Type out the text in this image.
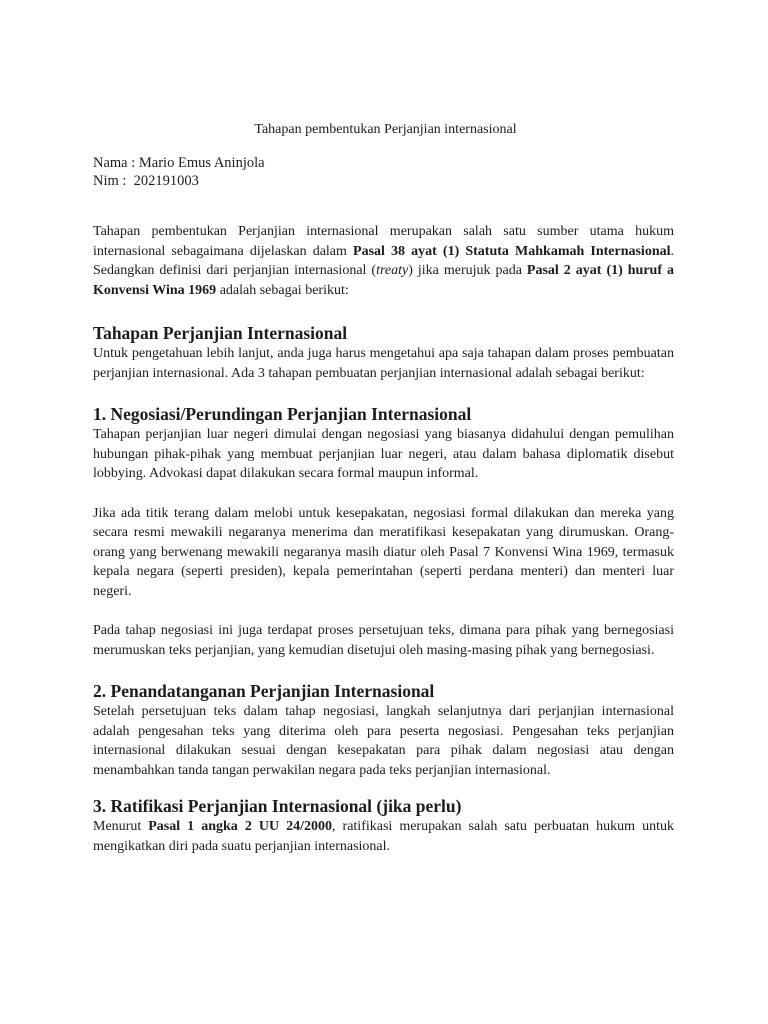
Tahapan pembentukan Perjanjian internasional

Nama : Mario Emus Aninjola

Nim :  202191003

Tahapan pembentukan Perjanjian internasional merupakan salah satu sumber utama hukum internasional sebagaimana dijelaskan dalam Pasal 38 ayat (1) Statuta Mahkamah Internasional. Sedangkan definisi dari perjanjian internasional (treaty) jika merujuk pada Pasal 2 ayat (1) huruf a Konvensi Wina 1969 adalah sebagai berikut:

Tahapan Perjanjian Internasional

Untuk pengetahuan lebih lanjut, anda juga harus mengetahui apa saja tahapan dalam proses pembuatan perjanjian internasional. Ada 3 tahapan pembuatan perjanjian internasional adalah sebagai berikut:

1. Negosiasi/Perundingan Perjanjian Internasional

Tahapan perjanjian luar negeri dimulai dengan negosiasi yang biasanya didahului dengan pemulihan hubungan pihak-pihak yang membuat perjanjian luar negeri, atau dalam bahasa diplomatik disebut lobbying. Advokasi dapat dilakukan secara formal maupun informal.

Jika ada titik terang dalam melobi untuk kesepakatan, negosiasi formal dilakukan dan mereka yang secara resmi mewakili negaranya menerima dan meratifikasi kesepakatan yang dirumuskan. Orang-orang yang berwenang mewakili negaranya masih diatur oleh Pasal 7 Konvensi Wina 1969, termasuk kepala negara (seperti presiden), kepala pemerintahan (seperti perdana menteri) dan menteri luar negeri.

Pada tahap negosiasi ini juga terdapat proses persetujuan teks, dimana para pihak yang bernegosiasi merumuskan teks perjanjian, yang kemudian disetujui oleh masing-masing pihak yang bernegosiasi.

2. Penandatanganan Perjanjian Internasional

Setelah persetujuan teks dalam tahap negosiasi, langkah selanjutnya dari perjanjian internasional adalah pengesahan teks yang diterima oleh para peserta negosiasi. Pengesahan teks perjanjian internasional dilakukan sesuai dengan kesepakatan para pihak dalam negosiasi atau dengan menambahkan tanda tangan perwakilan negara pada teks perjanjian internasional.

3. Ratifikasi Perjanjian Internasional (jika perlu)

Menurut Pasal 1 angka 2 UU 24/2000, ratifikasi merupakan salah satu perbuatan hukum untuk mengikatkan diri pada suatu perjanjian internasional.
